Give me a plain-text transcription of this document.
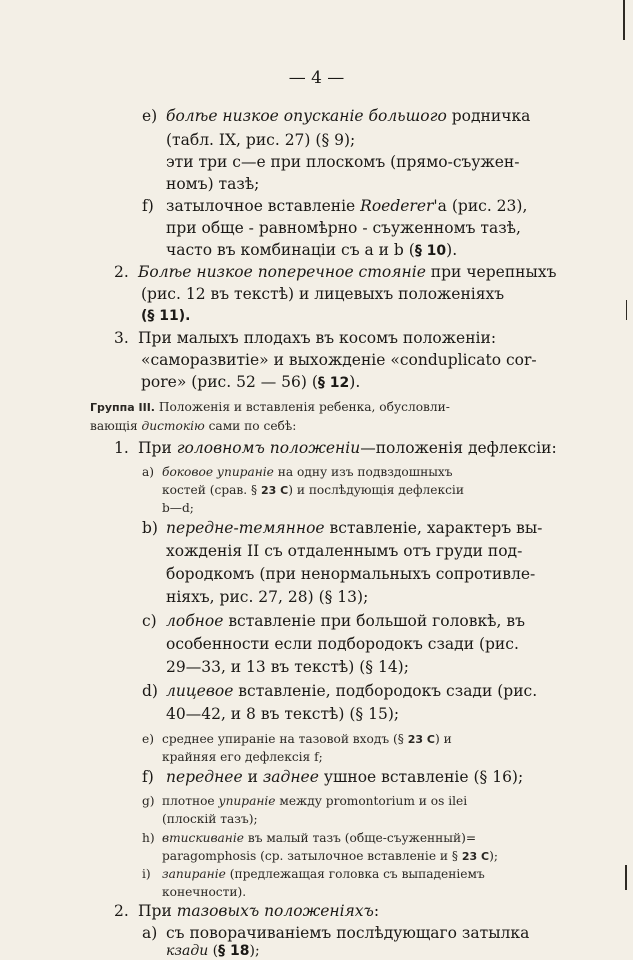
— 4 —
е) болѣе низкое опусканіе большого родничка
(табл. IX, рис. 27) (§ 9);
эти три c—e при плоскомъ (прямо-съужен-
номъ) тазѣ;
f) затылочное вставленіе Roederer'а (рис. 23),
при обще - равномѣрно - съуженномъ тазѣ,
часто въ комбинаціи съ a и b (§ 10).
2. Болѣе низкое поперечное стояніе при черепныхъ
(рис. 12 въ текстѣ) и лицевыхъ положеніяхъ
(§ 11).
3. При малыхъ плодахъ въ косомъ положеніи:
«саморазвитіе» и выхожденіе «conduplicato cor-
pore» (рис. 52 — 56) (§ 12).
Группа III. Положенія и вставленія ребенка, обусловли-
вающія дистокію сами по себѣ:
1. При головномъ положеніи—положенія дефлексіи:
а) боковое упираніе на одну изъ подвздошныхъ
костей (срав. § 23 C) и послѣдующія дефлексіи
b—d;
b) передне-темянное вставленіе, характеръ вы-
хожденія II съ отдаленнымъ отъ груди под-
бородкомъ (при ненормальныхъ сопротивле-
ніяхъ, рис. 27, 28) (§ 13);
c) лобное вставленіе при большой головкѣ, въ
особенности если подбородокъ сзади (рис.
29—33, и 13 въ текстѣ) (§ 14);
d) лицевое вставленіе, подбородокъ сзади (рис.
40—42, и 8 въ текстѣ) (§ 15);
e) среднее упираніе на тазовой входъ (§ 23 C) и
крайняя его дефлексія f;
f) переднее и заднее ушное вставленіе (§ 16);
g) плотное упираніе между promontorium и os ilei
(плоскій тазъ);
h) втискиваніе въ малый тазъ (обще-съуженный)=
paragomphosis (ср. затылочное вставленіе и § 23 C);
i) запираніе (предлежащая головка съ выпаденіемъ
конечности).
2. При тазовыхъ положеніяхъ:
а) съ поворачиваніемъ послѣдующаго затылка
кзади (§ 18);
